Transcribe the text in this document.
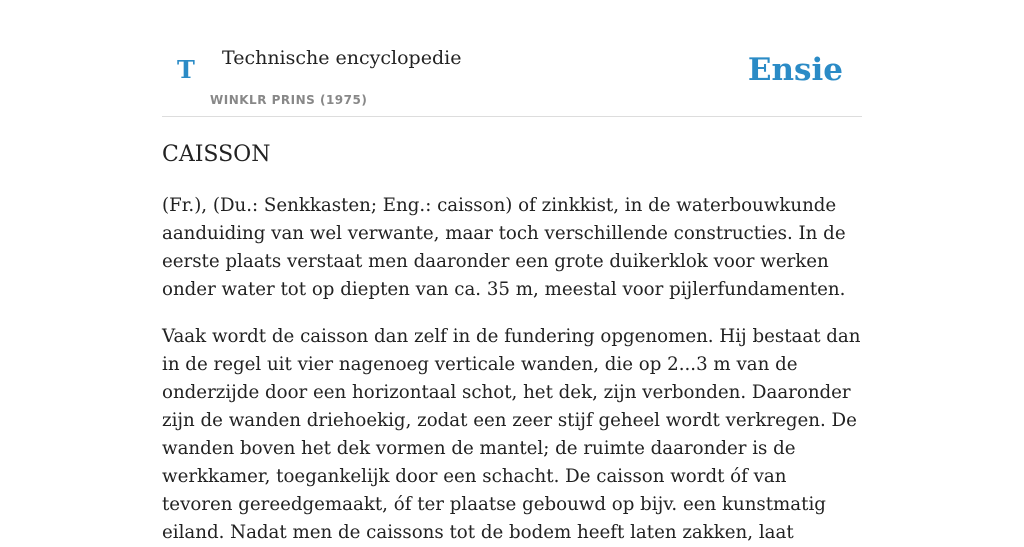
T Technische encyclopedie
WINKLR PRINS (1975)
Ensie
CAISSON

(Fr.), (Du.: Senkkasten; Eng.: caisson) of zinkkist, in de waterbouwkunde aanduiding van wel verwante, maar toch verschillende constructies. In de eerste plaats verstaat men daaronder een grote duikerklok voor werken onder water tot op diepten van ca. 35 m, meestal voor pijlerfundamenten.

Vaak wordt de caisson dan zelf in de fundering opgenomen. Hij bestaat dan in de regel uit vier nagenoeg verticale wanden, die op 2...3 m van de onderzijde door een horizontaal schot, het dek, zijn verbonden. Daaronder zijn de wanden driehoekig, zodat een zeer stijf geheel wordt verkregen. De wanden boven het dek vormen de mantel; de ruimte daaronder is de werkkamer, toegankelijk door een schacht. De caisson wordt óf van tevoren gereedgemaakt, óf ter plaatse gebouwd op bijv. een kunstmatig eiland. Nadat men de caissons tot de bodem heeft laten zakken, laat
